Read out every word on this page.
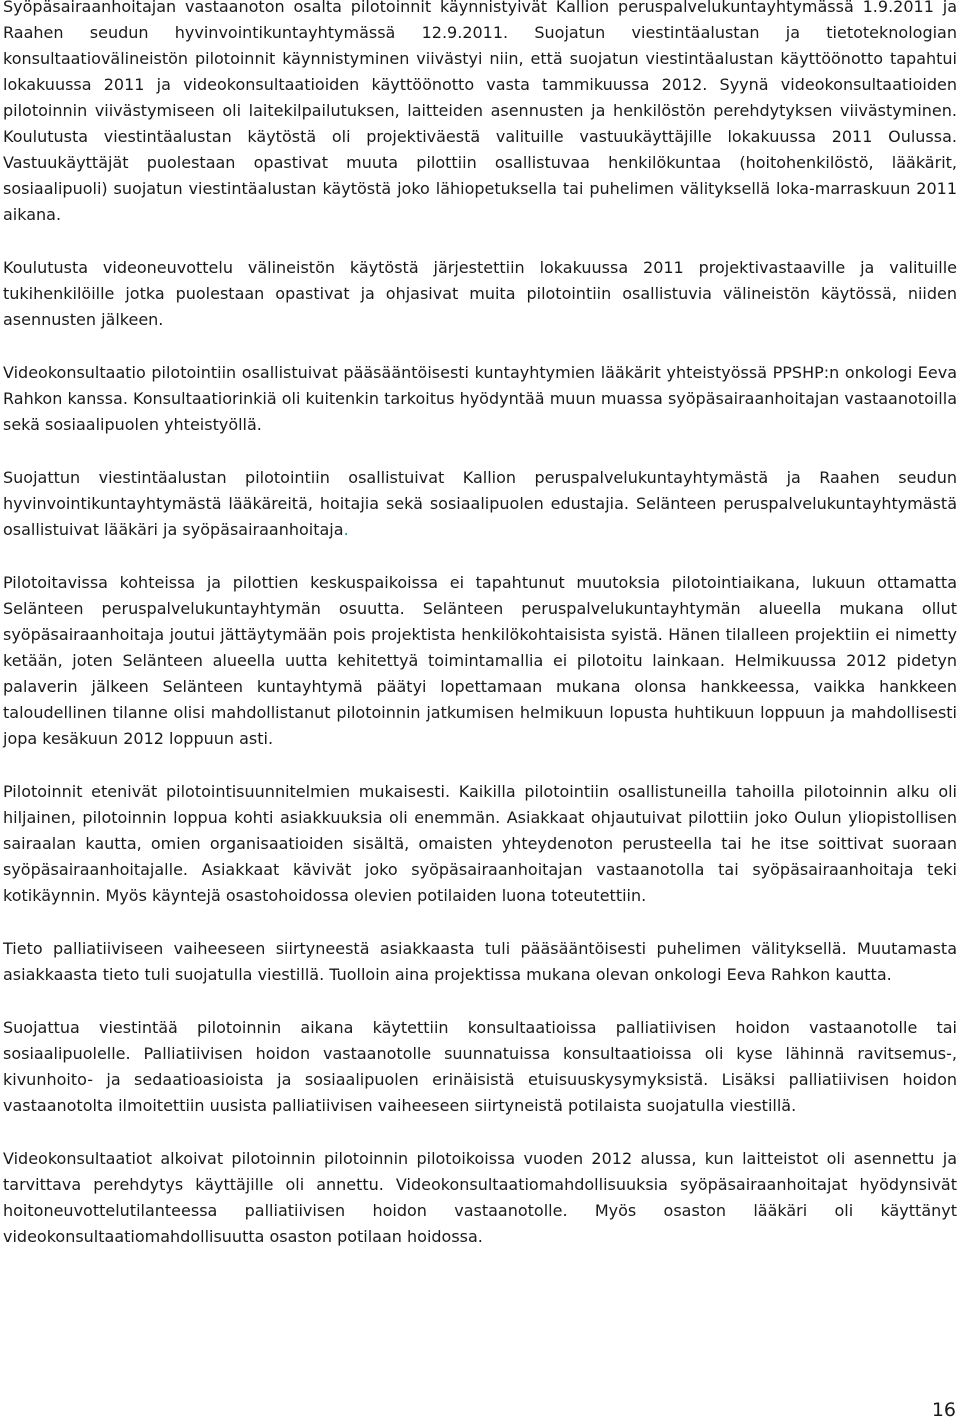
Syöpäsairaanhoitajan vastaanoton osalta pilotoinnit käynnistyivät Kallion peruspalvelukuntayhtymässä 1.9.2011 ja Raahen seudun hyvinvointikuntayhtymässä 12.9.2011. Suojatun viestintäalustan ja tietoteknologian konsultaatiovälineistön pilotoinnit käynnistyminen viivästyi niin, että suojatun viestintäalustan käyttöönotto tapahtui lokakuussa 2011 ja videokonsultaatioiden käyttöönotto vasta tammikuussa 2012. Syynä videokonsultaatioiden pilotoinnin viivästymiseen oli laitekilpailutuksen, laitteiden asennusten ja henkilöstön perehdytyksen viivästyminen. Koulutusta viestintäalustan käytöstä oli projektiväestä valituille vastuukäyttäjille lokakuussa 2011 Oulussa. Vastuukäyttäjät puolestaan opastivat muuta pilottiin osallistuvaa henkilökuntaa (hoitohenkilöstö, lääkärit, sosiaalipuoli) suojatun viestintäalustan käytöstä joko lähiopetuksella tai puhelimen välityksellä loka-marraskuun 2011 aikana.

Koulutusta videoneuvottelu välineistön käytöstä järjestettiin lokakuussa 2011 projektivastaaville ja valituille tukihenkilöille jotka puolestaan opastivat ja ohjasivat muita pilotointiin osallistuvia välineistön käytössä, niiden asennusten jälkeen.

Videokonsultaatio pilotointiin osallistuivat pääsääntöisesti kuntayhtymien lääkärit yhteistyössä PPSHP:n onkologi Eeva Rahkon kanssa. Konsultaatiorinkiä oli kuitenkin tarkoitus hyödyntää muun muassa syöpäsairaanhoitajan vastaanotoilla sekä sosiaalipuolen yhteistyöllä.

Suojattun viestintäalustan pilotointiin osallistuivat Kallion peruspalvelukuntayhtymästä ja Raahen seudun hyvinvointikuntayhtymästä lääkäreitä, hoitajia sekä sosiaalipuolen edustajia. Selänteen peruspalvelukuntayhtymästä osallistuivat lääkäri ja syöpäsairaanhoitaja.

Pilotoitavissa kohteissa ja pilottien keskuspaikoissa ei tapahtunut muutoksia pilotointiaikana, lukuun ottamatta Selänteen peruspalvelukuntayhtymän osuutta. Selänteen peruspalvelukuntayhtymän alueella mukana ollut syöpäsairaanhoitaja joutui jättäytymään pois projektista henkilökohtaisista syistä. Hänen tilalleen projektiin ei nimetty ketään, joten Selänteen alueella uutta kehitettyä toimintamallia ei pilotoitu lainkaan. Helmikuussa 2012 pidetyn palaverin jälkeen Selänteen kuntayhtymä päätyi lopettamaan mukana olonsa hankkeessa, vaikka hankkeen taloudellinen tilanne olisi mahdollistanut pilotoinnin jatkumisen helmikuun lopusta huhtikuun loppuun ja mahdollisesti jopa kesäkuun 2012 loppuun asti.

Pilotoinnit etenivät pilotointisuunnitelmien mukaisesti. Kaikilla pilotointiin osallistuneilla tahoilla pilotoinnin alku oli hiljainen, pilotoinnin loppua kohti asiakkuuksia oli enemmän. Asiakkaat ohjautuivat pilottiin joko Oulun yliopistollisen sairaalan kautta, omien organisaatioiden sisältä, omaisten yhteydenoton perusteella tai he itse soittivat suoraan syöpäsairaanhoitajalle. Asiakkaat kävivät joko syöpäsairaanhoitajan vastaanotolla tai syöpäsairaanhoitaja teki kotikäynnin. Myös käyntejä osastohoidossa olevien potilaiden luona toteutettiin.

Tieto palliatiiviseen vaiheeseen siirtyneestä asiakkaasta tuli pääsääntöisesti puhelimen välityksellä. Muutamasta asiakkaasta tieto tuli suojatulla viestillä. Tuolloin aina projektissa mukana olevan onkologi Eeva Rahkon kautta.

Suojattua viestintää pilotoinnin aikana käytettiin konsultaatioissa palliatiivisen hoidon vastaanotolle tai sosiaalipuolelle. Palliatiivisen hoidon vastaanotolle suunnatuissa konsultaatioissa oli kyse lähinnä ravitsemus-, kivunhoito- ja sedaatioasioista ja sosiaalipuolen erinäisistä etuisuuskysymyksistä. Lisäksi palliatiivisen hoidon vastaanotolta ilmoitettiin uusista palliatiivisen vaiheeseen siirtyneistä potilaista suojatulla viestillä.

Videokonsultaatiot alkoivat pilotoinnin pilotoinnin pilotoikoissa vuoden 2012 alussa, kun laitteistot oli asennettu ja tarvittava perehdytys käyttäjille oli annettu. Videokonsultaatiomahdollisuuksia syöpäsairaanhoitajat hyödynsivät hoitoneuvottelutilanteessa palliatiivisen hoidon vastaanotolle. Myös osaston lääkäri oli käyttänyt videokonsultaatiomahdollisuutta osaston potilaan hoidossa.

16
